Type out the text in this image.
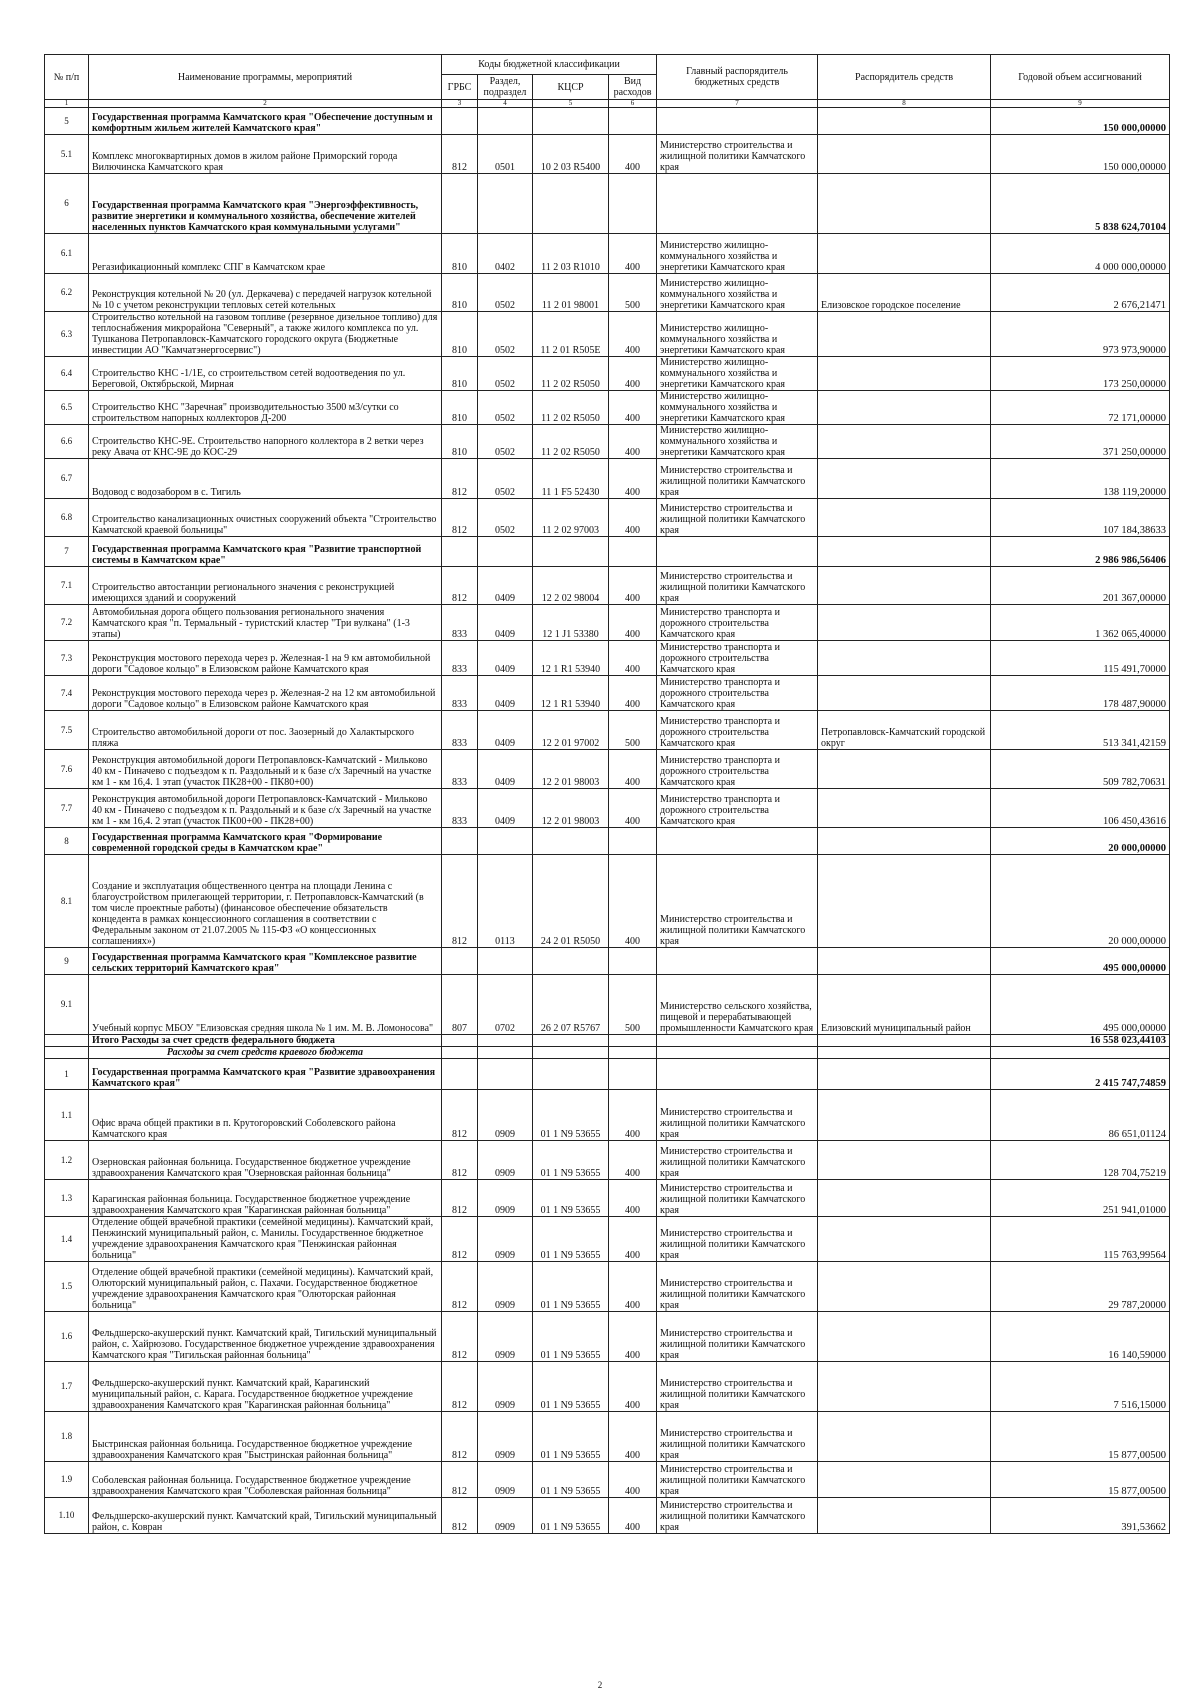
№ п/п	Наименование программы, мероприятий	Коды бюджетной классификации				Главный распорядитель бюджетных средств	Распорядитель средств	Годовой объем ассигнований
		ГРБС	Раздел, подраздел	КЦСР	Вид расходов			
1	2	3	4	5	6	7	8	9
5	Государственная программа Камчатского края "Обеспечение доступным и комфортным жильем жителей Камчатского края"							150 000,00000
5.1	Комплекс многоквартирных домов в жилом районе Приморский города Вилючинска Камчатского края	812	0501	10 2 03 R5400	400	Министерство строительства и жилищной политики Камчатского края		150 000,00000
6	Государственная программа Камчатского края "Энергоэффективность, развитие энергетики и коммунального хозяйства, обеспечение жителей населенных пунктов Камчатского края коммунальными услугами"							5 838 624,70104
6.1	Регазификационный комплекс СПГ в Камчатском крае	810	0402	11 2 03 R1010	400	Министерство жилищно-коммунального хозяйства и энергетики Камчатского края		4 000 000,00000
6.2	Реконструкция котельной № 20 (ул. Деркачева) с передачей нагрузок котельной № 10 с учетом реконструкции тепловых сетей котельных	810	0502	11 2 01 98001	500	Министерство жилищно-коммунального хозяйства и энергетики Камчатского края	Елизовское городское поселение	2 676,21471
6.3	Строительство котельной на газовом топливе (резервное дизельное топливо) для теплоснабжения микрорайона "Северный", а также жилого комплекса по ул. Тушканова Петропавловск-Камчатского городского округа (Бюджетные инвестиции АО "Камчатэнергосервис")	810	0502	11 2 01 R505E	400	Министерство жилищно-коммунального хозяйства и энергетики Камчатского края		973 973,90000
6.4	Строительство КНС -1/1Е, со строительством сетей водоотведения по ул. Береговой, Октябрьской, Мирная	810	0502	11 2 02 R5050	400	Министерство жилищно-коммунального хозяйства и энергетики Камчатского края		173 250,00000
6.5	Строительство КНС "Заречная" производительностью 3500 м3/сутки со строительством напорных коллекторов Д-200	810	0502	11 2 02 R5050	400	Министерство жилищно-коммунального хозяйства и энергетики Камчатского края		72 171,00000
6.6	Строительство КНС-9Е. Строительство напорного коллектора в 2 ветки через реку Авача от КНС-9Е до КОС-29	810	0502	11 2 02 R5050	400	Министерство жилищно-коммунального хозяйства и энергетики Камчатского края		371 250,00000
6.7	Водовод с водозабором в с. Тигиль	812	0502	11 1 F5 52430	400	Министерство строительства и жилищной политики Камчатского края		138 119,20000
6.8	Строительство канализационных очистных сооружений объекта "Строительство Камчатской краевой больницы"	812	0502	11 2 02 97003	400	Министерство строительства и жилищной политики Камчатского края		107 184,38633
7	Государственная программа Камчатского края "Развитие транспортной системы в Камчатском крае"							2 986 986,56406
7.1	Строительство автостанции регионального значения с реконструкцией имеющихся зданий и сооружений	812	0409	12 2 02 98004	400	Министерство строительства и жилищной политики Камчатского края		201 367,00000
7.2	Автомобильная дорога общего пользования регионального значения Камчатского края "п. Термальный - туристский кластер "Три вулкана" (1-3 этапы)	833	0409	12 1 J1 53380	400	Министерство транспорта и дорожного строительства Камчатского края		1 362 065,40000
7.3	Реконструкция мостового перехода через р. Железная-1 на 9 км автомобильной дороги "Садовое кольцо" в Елизовском районе Камчатского края	833	0409	12 1 R1 53940	400	Министерство транспорта и дорожного строительства Камчатского края		115 491,70000
7.4	Реконструкция мостового перехода через р. Железная-2 на 12 км автомобильной дороги "Садовое кольцо" в Елизовском районе Камчатского края	833	0409	12 1 R1 53940	400	Министерство транспорта и дорожного строительства Камчатского края		178 487,90000
7.5	Строительство автомобильной дороги от пос. Заозерный до Халактырского пляжа	833	0409	12 2 01 97002	500	Министерство транспорта и дорожного строительства Камчатского края	Петропавловск-Камчатский городской округ	513 341,42159
7.6	Реконструкция автомобильной дороги Петропавловск-Камчатский - Мильково 40 км - Пиначево с подъездом к п. Раздольный и к базе с/х Заречный на участке км 1 - км 16,4. 1 этап (участок ПК28+00 - ПК80+00)	833	0409	12 2 01 98003	400	Министерство транспорта и дорожного строительства Камчатского края		509 782,70631
7.7	Реконструкция автомобильной дороги Петропавловск-Камчатский - Мильково 40 км - Пиначево с подъездом к п. Раздольный и к базе с/х Заречный на участке км 1 - км 16,4. 2 этап (участок ПК00+00 - ПК28+00)	833	0409	12 2 01 98003	400	Министерство транспорта и дорожного строительства Камчатского края		106 450,43616
8	Государственная программа Камчатского края "Формирование современной городской среды в Камчатском крае"							20 000,00000
8.1	Создание и эксплуатация общественного центра на площади Ленина с благоустройством прилегающей территории, г. Петропавловск-Камчатский (в том числе проектные работы) (финансовое обеспечение обязательств концедента в рамках концессионного соглашения в соответствии с Федеральным законом от 21.07.2005 № 115-ФЗ «О концессионных соглашениях»)	812	0113	24 2 01 R5050	400	Министерство строительства и жилищной политики Камчатского края		20 000,00000
9	Государственная программа Камчатского края "Комплексное развитие сельских территорий Камчатского края"							495 000,00000
9.1	Учебный корпус МБОУ "Елизовская средняя школа № 1 им. М. В. Ломоносова"	807	0702	26 2 07 R5767	500	Министерство сельского хозяйства, пищевой и перерабатывающей промышленности Камчатского края	Елизовский муниципальный район	495 000,00000
	Итого Расходы за счет средств федерального бюджета							16 558 023,44103
	Расходы за счет средств краевого бюджета							
1	Государственная программа Камчатского края "Развитие здравоохранения Камчатского края"							2 415 747,74859
1.1	Офис врача общей практики в п. Крутогоровский Соболевского района Камчатского края	812	0909	01 1 N9 53655	400	Министерство строительства и жилищной политики Камчатского края		86 651,01124
1.2	Озерновская районная больница. Государственное бюджетное учреждение здравоохранения Камчатского края "Озерновская районная больница"	812	0909	01 1 N9 53655	400	Министерство строительства и жилищной политики Камчатского края		128 704,75219
1.3	Карагинская районная больница. Государственное бюджетное учреждение здравоохранения Камчатского края "Карагинская районная больница"	812	0909	01 1 N9 53655	400	Министерство строительства и жилищной политики Камчатского края		251 941,01000
1.4	Отделение общей врачебной практики (семейной медицины). Камчатский край, Пенжинский муниципальный район, с. Манилы. Государственное бюджетное учреждение здравоохранения Камчатского края "Пенжинская районная больница"	812	0909	01 1 N9 53655	400	Министерство строительства и жилищной политики Камчатского края		115 763,99564
1.5	Отделение общей врачебной практики (семейной медицины). Камчатский край, Олюторский муниципальный район, с. Пахачи. Государственное бюджетное учреждение здравоохранения Камчатского края "Олюторская районная больница"	812	0909	01 1 N9 53655	400	Министерство строительства и жилищной политики Камчатского края		29 787,20000
1.6	Фельдшерско-акушерский пункт. Камчатский край, Тигильский муниципальный район, с. Хайрюзово. Государственное бюджетное учреждение здравоохранения Камчатского края "Тигильская районная больница"	812	0909	01 1 N9 53655	400	Министерство строительства и жилищной политики Камчатского края		16 140,59000
1.7	Фельдшерско-акушерский пункт. Камчатский край, Карагинский муниципальный район, с. Карага. Государственное бюджетное учреждение здравоохранения Камчатского края "Карагинская районная больница"	812	0909	01 1 N9 53655	400	Министерство строительства и жилищной политики Камчатского края		7 516,15000
1.8	Быстринская районная больница. Государственное бюджетное учреждение здравоохранения Камчатского края "Быстринская районная больница"	812	0909	01 1 N9 53655	400	Министерство строительства и жилищной политики Камчатского края		15 877,00500
1.9	Соболевская районная больница. Государственное бюджетное учреждение здравоохранения Камчатского края "Соболевская районная больница"	812	0909	01 1 N9 53655	400	Министерство строительства и жилищной политики Камчатского края		15 877,00500
1.10	Фельдшерско-акушерский пункт. Камчатский край, Тигильский муниципальный район, с. Ковран	812	0909	01 1 N9 53655	400	Министерство строительства и жилищной политики Камчатского края		391,53662
2
